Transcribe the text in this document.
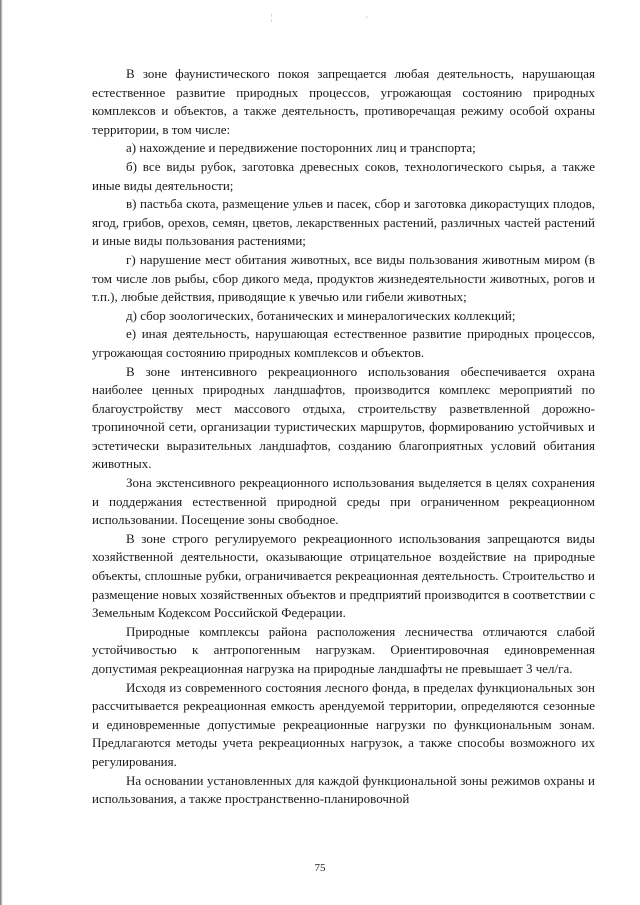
¦	ʹ

В зоне фаунистического покоя запрещается любая деятельность, нарушающая естественное развитие природных процессов, угрожающая состоянию природных комплексов и объектов, а также деятельность, противоречащая режиму особой охраны территории, в том числе:

а) нахождение и передвижение посторонних лиц и транспорта;

б) все виды рубок, заготовка древесных соков, технологического сырья, а также иные виды деятельности;

в) пастьба скота, размещение ульев и пасек, сбор и заготовка дикорастущих плодов, ягод, грибов, орехов, семян, цветов, лекарственных растений, различных частей растений и иные виды пользования растениями;

г) нарушение мест обитания животных, все виды пользования животным миром (в том числе лов рыбы, сбор дикого меда, продуктов жизнедеятельности животных, рогов и т.п.), любые действия, приводящие к увечью или гибели животных;

д) сбор зоологических, ботанических и минералогических коллекций;

е) иная деятельность, нарушающая естественное развитие природных процессов, угрожающая состоянию природных комплексов и объектов.

В зоне интенсивного рекреационного использования обеспечивается охрана наиболее ценных природных ландшафтов, производится комплекс мероприятий по благоустройству мест массового отдыха, строительству разветвленной дорожно-тропиночной сети, организации туристических маршрутов, формированию устойчивых и эстетически выразительных ландшафтов, созданию благоприятных условий обитания животных.

Зона экстенсивного рекреационного использования выделяется в целях сохранения и поддержания естественной природной среды при ограниченном рекреационном использовании. Посещение зоны свободное.

В зоне строго регулируемого рекреационного использования запрещаются виды хозяйственной деятельности, оказывающие отрицательное воздействие на природные объекты, сплошные рубки, ограничивается рекреационная деятельность. Строительство и размещение новых хозяйственных объектов и предприятий производится в соответствии с Земельным Кодексом Российской Федерации.

Природные комплексы района расположения лесничества отличаются слабой устойчивостью к антропогенным нагрузкам. Ориентировочная единовременная допустимая рекреационная нагрузка на природные ландшафты не превышает 3 чел/га.

Исходя из современного состояния лесного фонда, в пределах функциональных зон рассчитывается рекреационная емкость арендуемой территории, определяются сезонные и единовременные допустимые рекреационные нагрузки по функциональным зонам. Предлагаются методы учета рекреационных нагрузок, а также способы возможного их регулирования.

На основании установленных для каждой функциональной зоны режимов охраны и использования, а также пространственно-планировочной

75
